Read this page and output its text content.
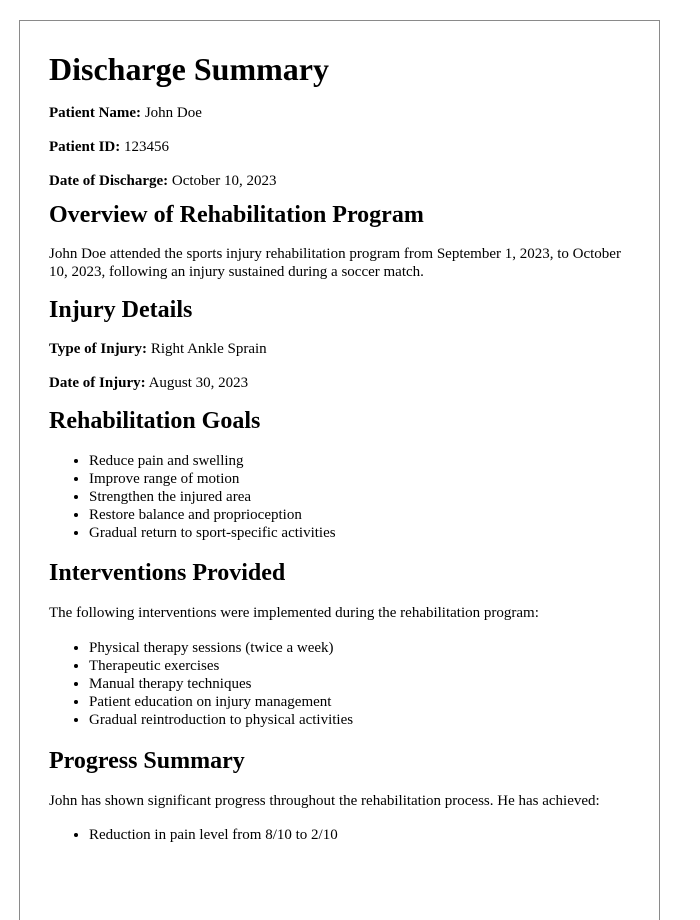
Discharge Summary

Patient Name: John Doe

Patient ID: 123456

Date of Discharge: October 10, 2023

Overview of Rehabilitation Program

John Doe attended the sports injury rehabilitation program from September 1, 2023, to October 10, 2023, following an injury sustained during a soccer match.

Injury Details

Type of Injury: Right Ankle Sprain

Date of Injury: August 30, 2023

Rehabilitation Goals
• Reduce pain and swelling
• Improve range of motion
• Strengthen the injured area
• Restore balance and proprioception
• Gradual return to sport-specific activities
Interventions Provided

The following interventions were implemented during the rehabilitation program:

• Physical therapy sessions (twice a week)
• Therapeutic exercises
• Manual therapy techniques
• Patient education on injury management
• Gradual reintroduction to physical activities
Progress Summary

John has shown significant progress throughout the rehabilitation process. He has achieved:

• Reduction in pain level from 8/10 to 2/10
